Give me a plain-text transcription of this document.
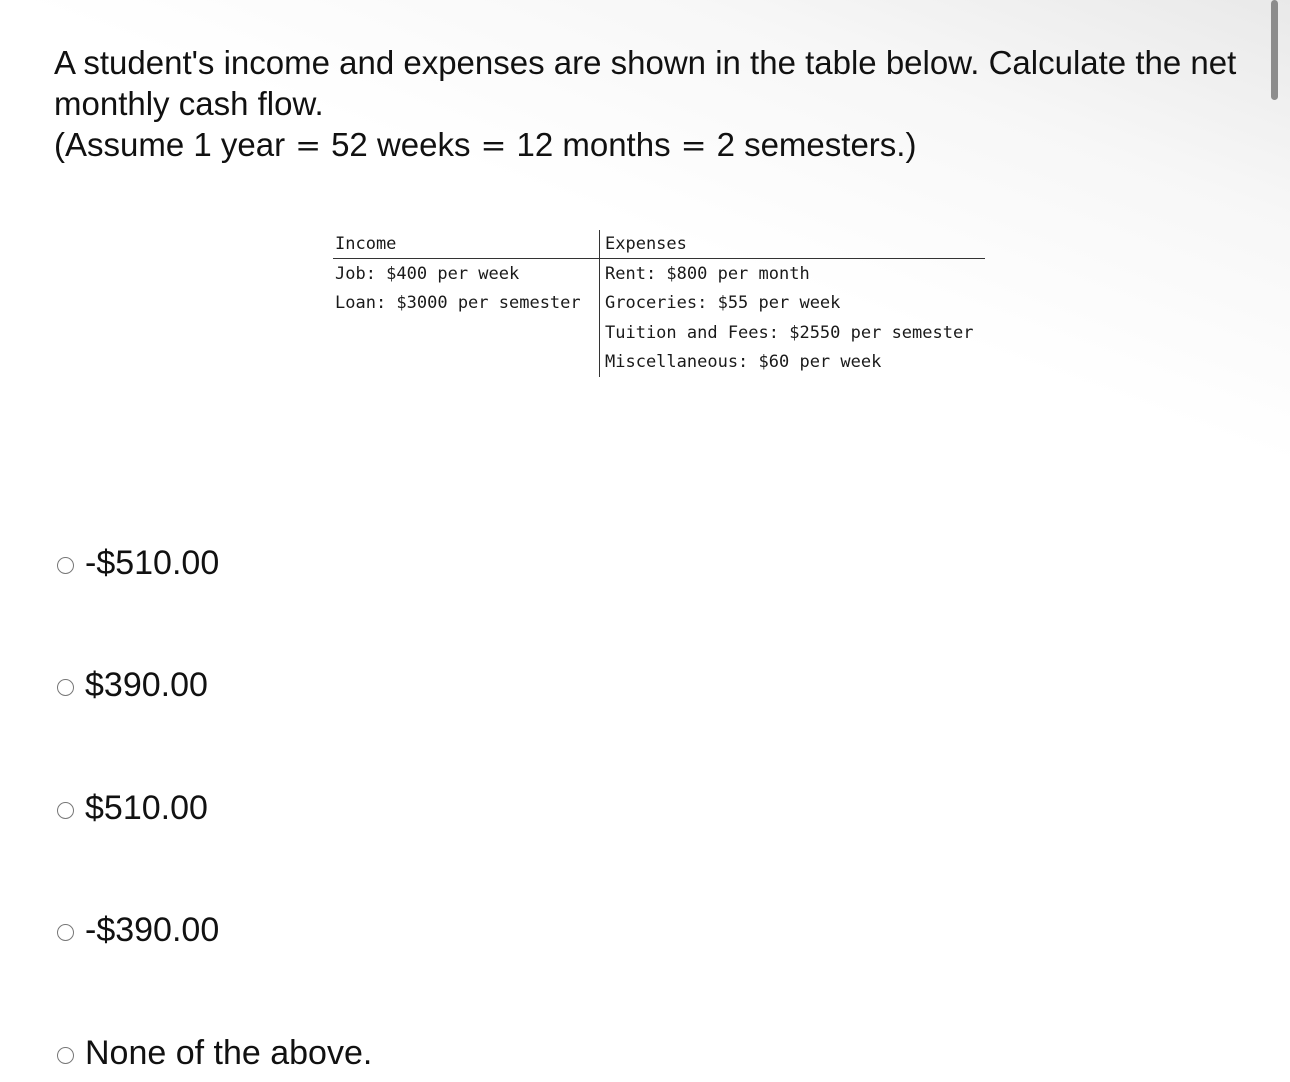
A student's income and expenses are shown in the table below. Calculate the net monthly cash flow.

(Assume 1 year = 52 weeks = 12 months = 2 semesters.)

Income	Expenses
Job: $400 per week	Rent: $800 per month
Loan: $3000 per semester	Groceries: $55 per week
	Tuition and Fees: $2550 per semester
	Miscellaneous: $60 per week
-$510.00
$390.00
$510.00
-$390.00
None of the above.
